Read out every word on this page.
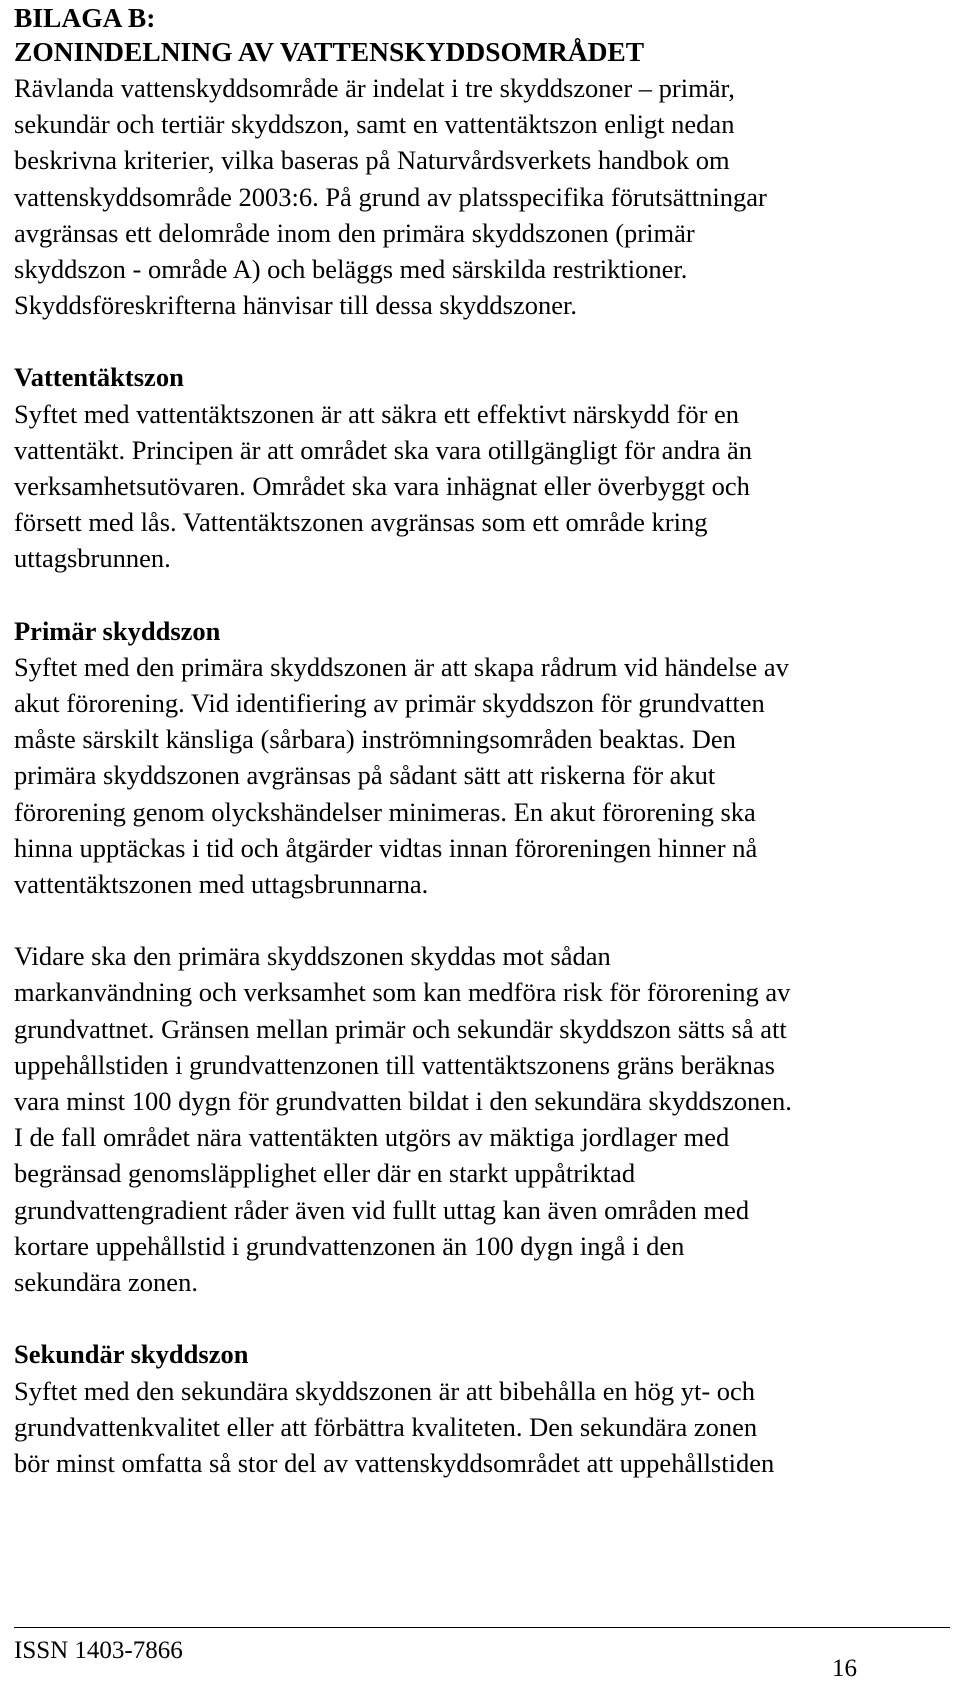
BILAGA B:
ZONINDELNING AV VATTENSKYDDSOMRÅDET
Rävlanda vattenskyddsområde är indelat i tre skyddszoner – primär,
sekundär och tertiär skyddszon, samt en vattentäktszon enligt nedan
beskrivna kriterier, vilka baseras på Naturvårdsverkets handbok om
vattenskyddsområde 2003:6. På grund av platsspecifika förutsättningar
avgränsas ett delområde inom den primära skyddszonen (primär
skyddszon - område A) och beläggs med särskilda restriktioner.
Skyddsföreskrifterna hänvisar till dessa skyddszoner.
Vattentäktszon
Syftet med vattentäktszonen är att säkra ett effektivt närskydd för en
vattentäkt. Principen är att området ska vara otillgängligt för andra än
verksamhetsutövaren. Området ska vara inhägnat eller överbyggt och
försett med lås. Vattentäktszonen avgränsas som ett område kring
uttagsbrunnen.
Primär skyddszon
Syftet med den primära skyddszonen är att skapa rådrum vid händelse av
akut förorening. Vid identifiering av primär skyddszon för grundvatten
måste särskilt känsliga (sårbara) inströmningsområden beaktas. Den
primära skyddszonen avgränsas på sådant sätt att riskerna för akut
förorening genom olyckshändelser minimeras. En akut förorening ska
hinna upptäckas i tid och åtgärder vidtas innan föroreningen hinner nå
vattentäktszonen med uttagsbrunnarna.
Vidare ska den primära skyddszonen skyddas mot sådan
markanvändning och verksamhet som kan medföra risk för förorening av
grundvattnet. Gränsen mellan primär och sekundär skyddszon sätts så att
uppehållstiden i grundvattenzonen till vattentäktszonens gräns beräknas
vara minst 100 dygn för grundvatten bildat i den sekundära skyddszonen.
I de fall området nära vattentäkten utgörs av mäktiga jordlager med
begränsad genomsläpplighet eller där en starkt uppåtriktad
grundvattengradient råder även vid fullt uttag kan även områden med
kortare uppehållstid i grundvattenzonen än 100 dygn ingå i den
sekundära zonen.
Sekundär skyddszon
Syftet med den sekundära skyddszonen är att bibehålla en hög yt- och
grundvattenkvalitet eller att förbättra kvaliteten. Den sekundära zonen
bör minst omfatta så stor del av vattenskyddsområdet att uppehållstiden
ISSN 1403-7866
16
